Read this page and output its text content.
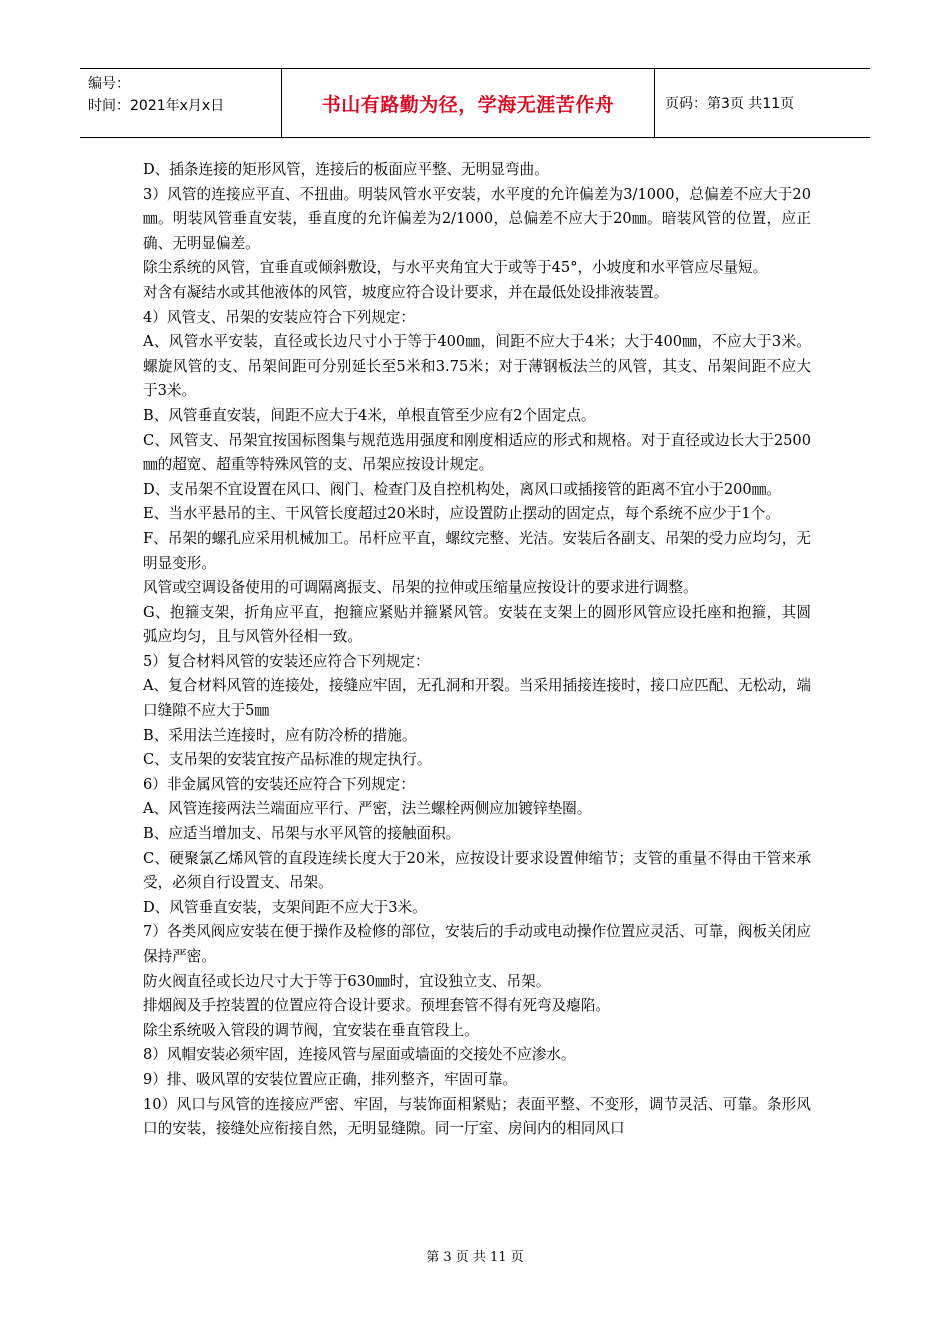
编号：
时间：2021年x月x日	书山有路勤为径，学海无涯苦作舟	页码：第3页 共11页

D、插条连接的矩形风管，连接后的板面应平整、无明显弯曲。

3）风管的连接应平直、不扭曲。明装风管水平安装，水平度的允许偏差为3/1000，总偏差不应大于20㎜。明装风管垂直安装，垂直度的允许偏差为2/1000，总偏差不应大于20㎜。暗装风管的位置，应正确、无明显偏差。

除尘系统的风管，宜垂直或倾斜敷设，与水平夹角宜大于或等于45°，小坡度和水平管应尽量短。

对含有凝结水或其他液体的风管，坡度应符合设计要求，并在最低处设排液装置。

4）风管支、吊架的安装应符合下列规定：

A、风管水平安装，直径或长边尺寸小于等于400㎜，间距不应大于4米；大于400㎜，不应大于3米。螺旋风管的支、吊架间距可分别延长至5米和3.75米；对于薄钢板法兰的风管，其支、吊架间距不应大于3米。

B、风管垂直安装，间距不应大于4米，单根直管至少应有2个固定点。

C、风管支、吊架宜按国标图集与规范选用强度和刚度相适应的形式和规格。对于直径或边长大于2500㎜的超宽、超重等特殊风管的支、吊架应按设计规定。

D、支吊架不宜设置在风口、阀门、检查门及自控机构处，离风口或插接管的距离不宜小于200㎜。

E、当水平悬吊的主、干风管长度超过20米时，应设置防止摆动的固定点，每个系统不应少于1个。

F、吊架的螺孔应采用机械加工。吊杆应平直，螺纹完整、光洁。安装后各副支、吊架的受力应均匀，无明显变形。

风管或空调设备使用的可调隔离振支、吊架的拉伸或压缩量应按设计的要求进行调整。

G、抱箍支架，折角应平直，抱箍应紧贴并箍紧风管。安装在支架上的圆形风管应设托座和抱箍，其圆弧应均匀，且与风管外径相一致。

5）复合材料风管的安装还应符合下列规定：

A、复合材料风管的连接处，接缝应牢固，无孔洞和开裂。当采用插接连接时，接口应匹配、无松动，端口缝隙不应大于5㎜

B、采用法兰连接时，应有防冷桥的措施。

C、支吊架的安装宜按产品标准的规定执行。

6）非金属风管的安装还应符合下列规定：

A、风管连接两法兰端面应平行、严密，法兰螺栓两侧应加镀锌垫圈。

B、应适当增加支、吊架与水平风管的接触面积。

C、硬聚氯乙烯风管的直段连续长度大于20米，应按设计要求设置伸缩节；支管的重量不得由干管来承受，必须自行设置支、吊架。

D、风管垂直安装，支架间距不应大于3米。

7）各类风阀应安装在便于操作及检修的部位，安装后的手动或电动操作位置应灵活、可靠，阀板关闭应保持严密。

防火阀直径或长边尺寸大于等于630㎜时，宜设独立支、吊架。

排烟阀及手控装置的位置应符合设计要求。预埋套管不得有死弯及瘪陷。

除尘系统吸入管段的调节阀，宜安装在垂直管段上。

8）风帽安装必须牢固，连接风管与屋面或墙面的交接处不应渗水。

9）排、吸风罩的安装位置应正确，排列整齐，牢固可靠。

10）风口与风管的连接应严密、牢固，与装饰面相紧贴；表面平整、不变形，调节灵活、可靠。条形风口的安装，接缝处应衔接自然，无明显缝隙。同一厅室、房间内的相同风口

第 3 页 共 11 页
